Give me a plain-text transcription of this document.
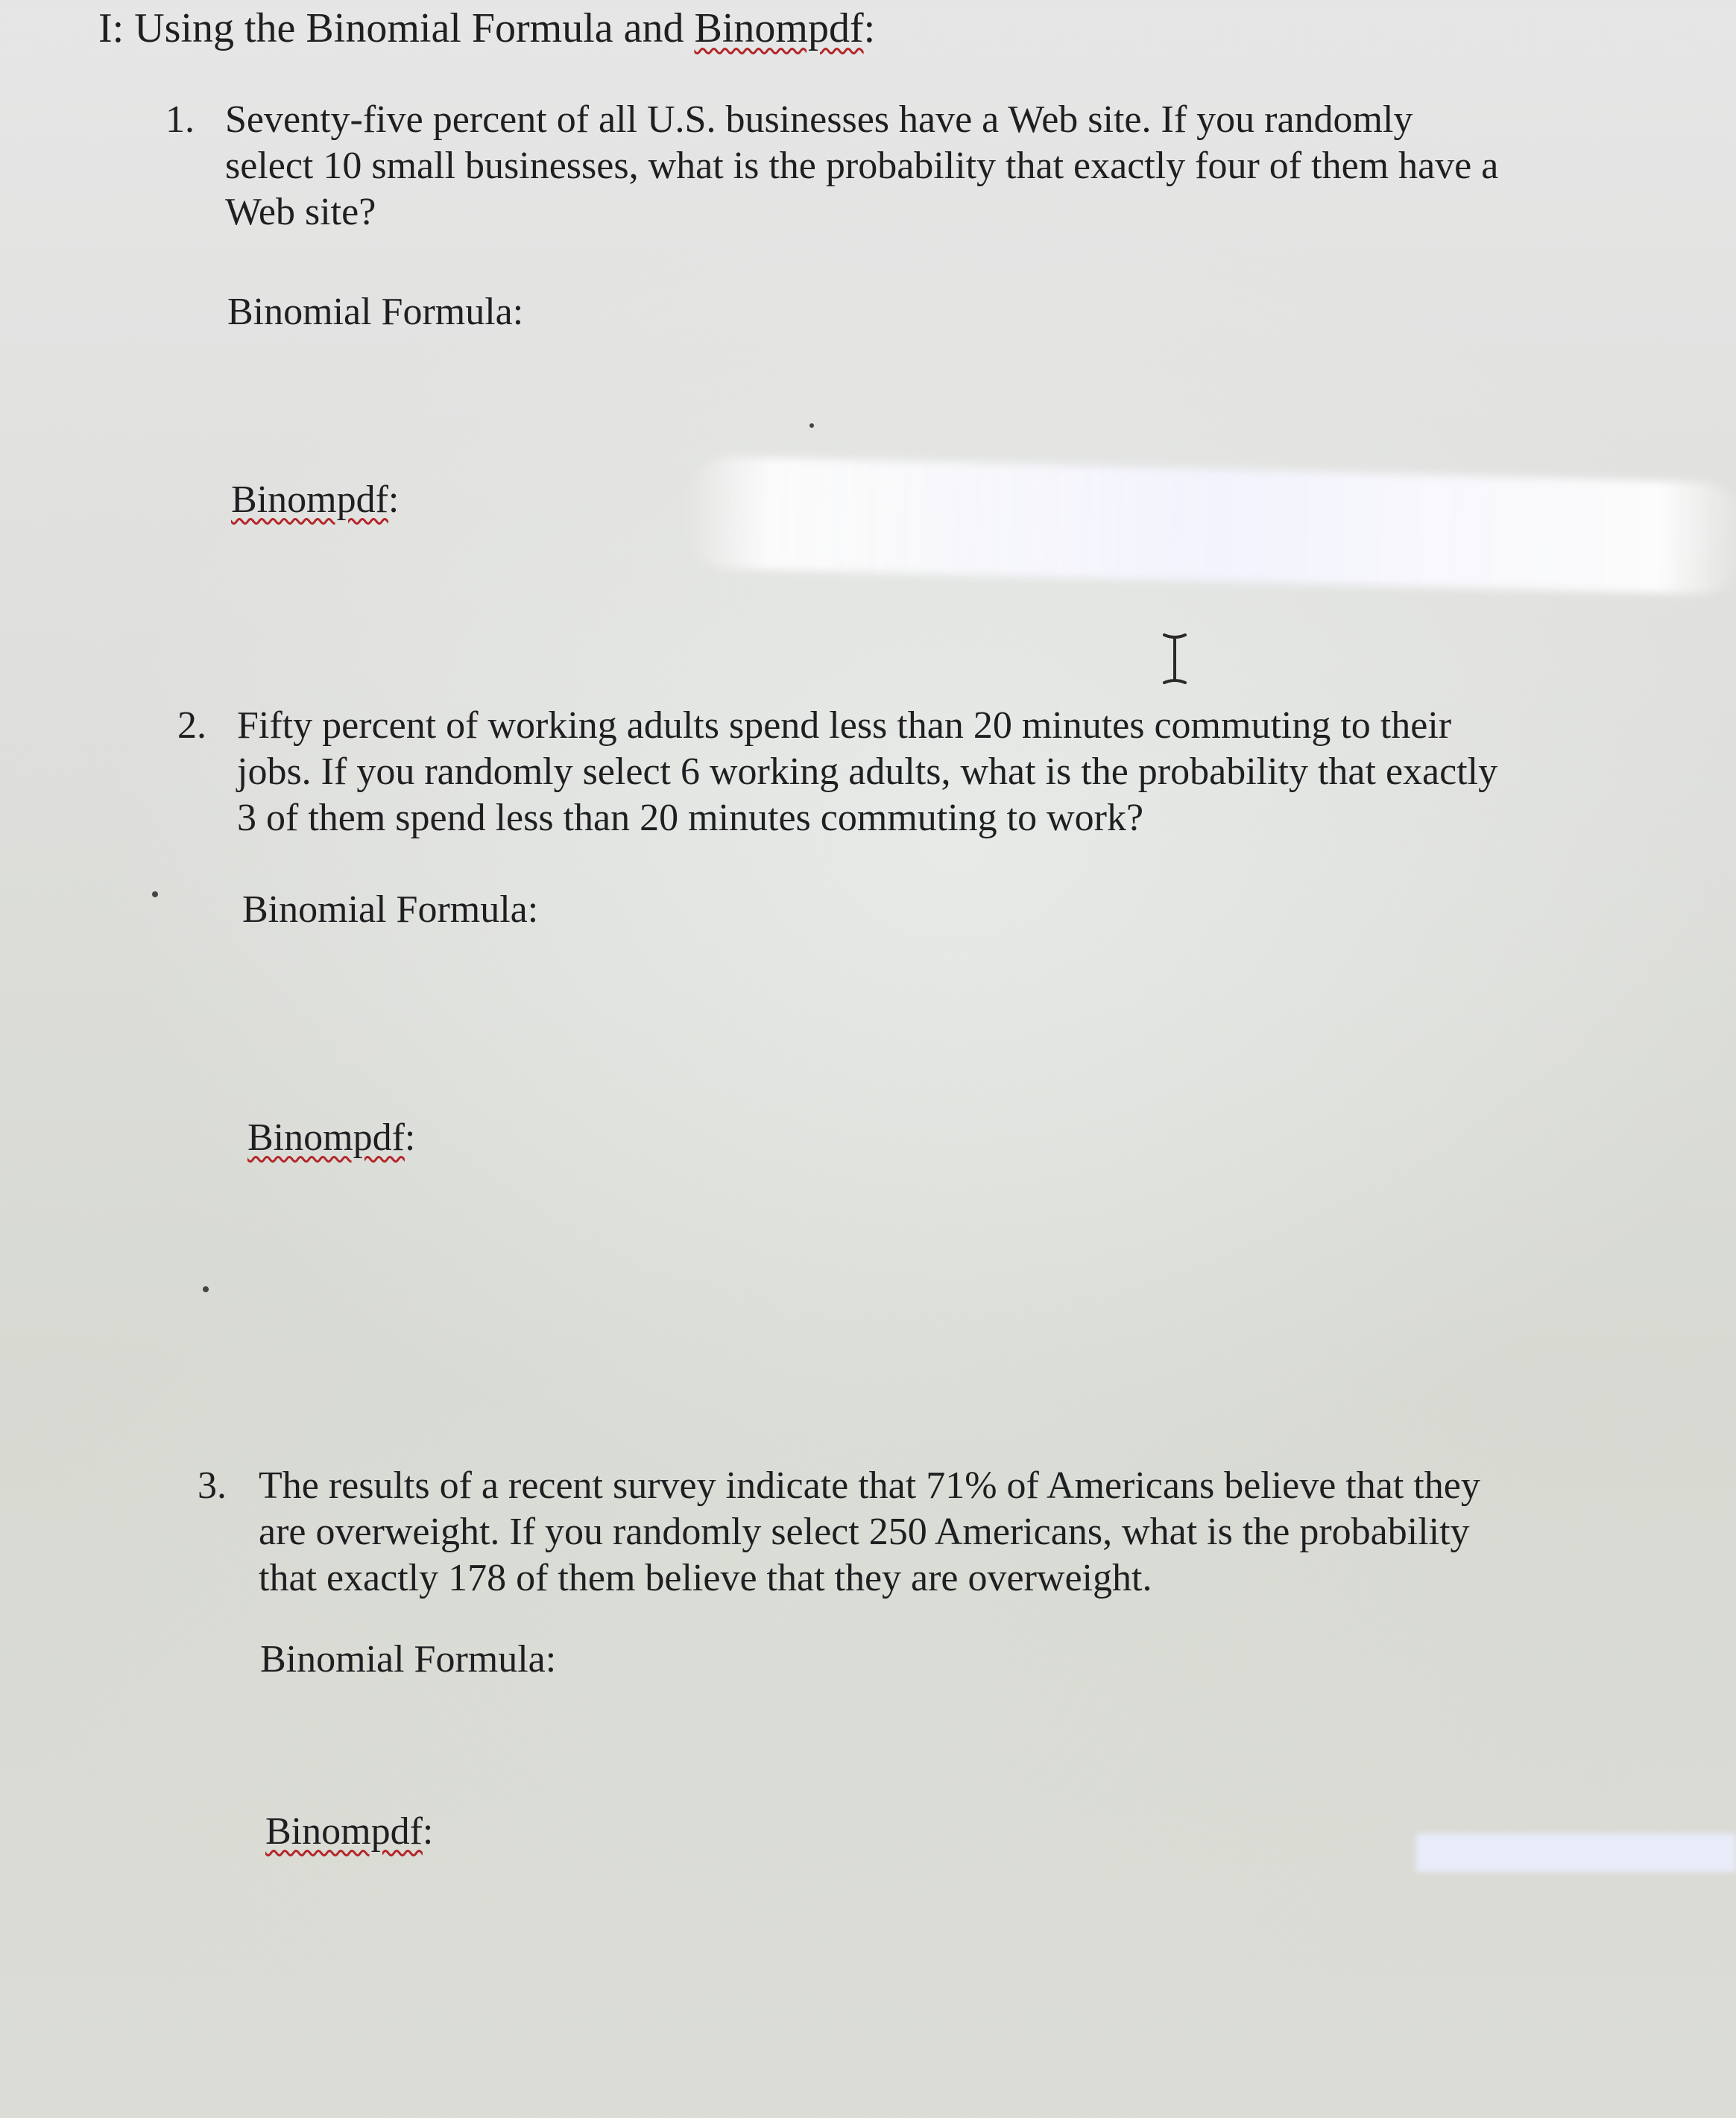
I: Using the Binomial Formula and Binompdf:
1. Seventy-five percent of all U.S. businesses have a Web site. If you randomly
select 10 small businesses, what is the probability that exactly four of them have a
Web site?
Binomial Formula:
Binompdf:
2. Fifty percent of working adults spend less than 20 minutes commuting to their
jobs. If you randomly select 6 working adults, what is the probability that exactly
3 of them spend less than 20 minutes commuting to work?
Binomial Formula:
Binompdf:
3. The results of a recent survey indicate that 71% of Americans believe that they
are overweight. If you randomly select 250 Americans, what is the probability
that exactly 178 of them believe that they are overweight.
Binomial Formula:
Binompdf:
